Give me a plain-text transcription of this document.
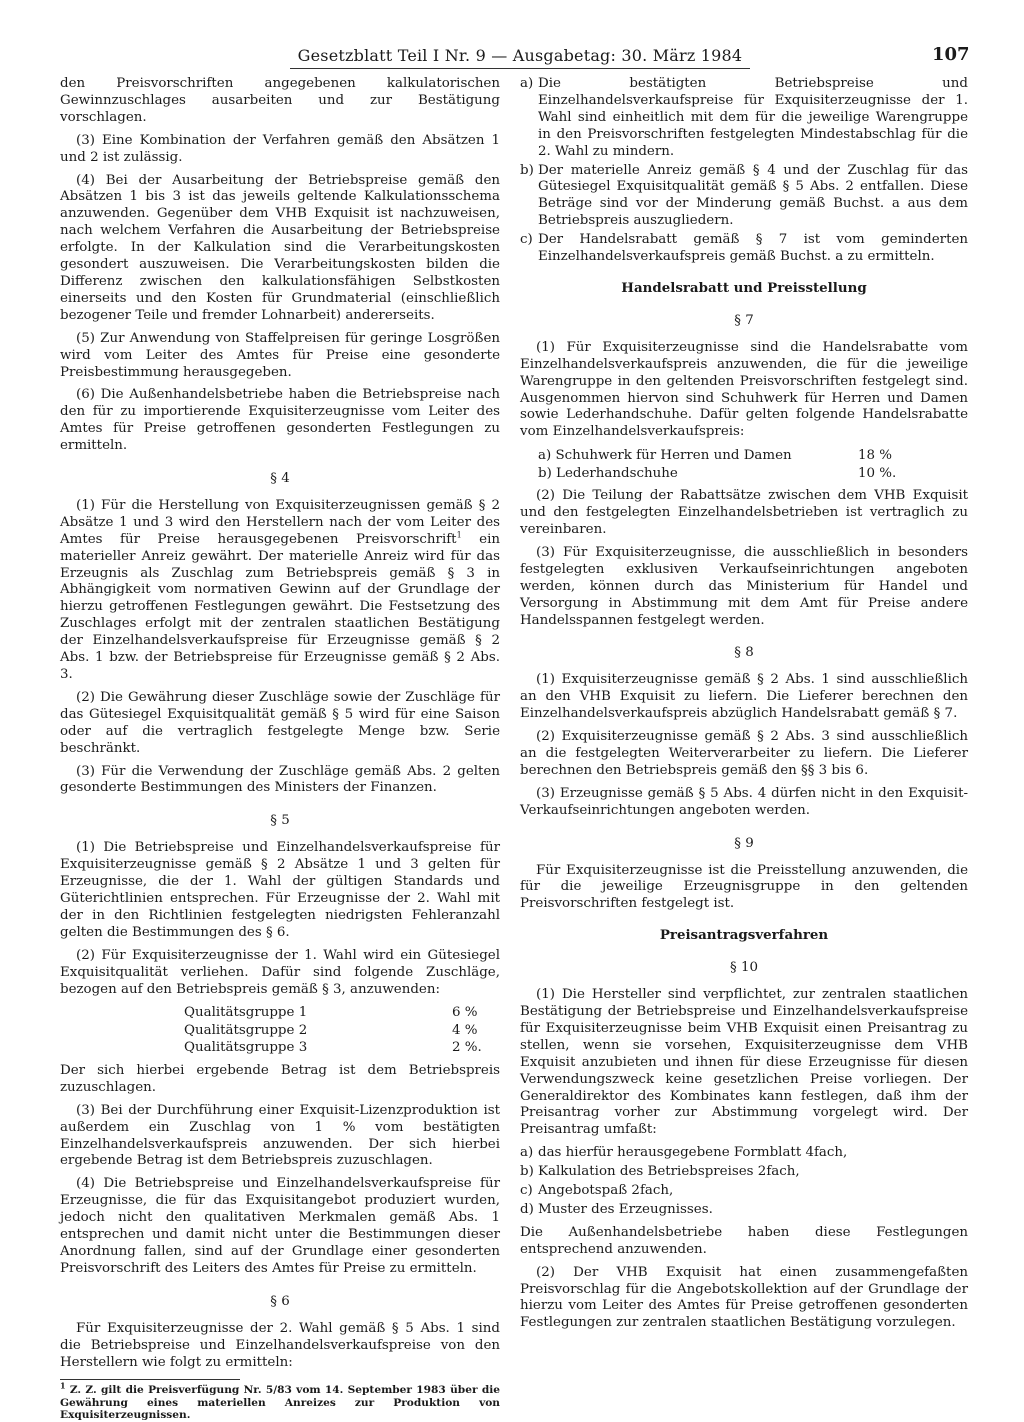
Gesetzblatt Teil I Nr. 9 — Ausgabetag: 30. März 1984	107

den Preisvorschriften angegebenen kalkulatorischen Gewinnzuschlages ausarbeiten und zur Bestätigung vorschlagen.

(3) Eine Kombination der Verfahren gemäß den Absätzen 1 und 2 ist zulässig.

(4) Bei der Ausarbeitung der Betriebspreise gemäß den Absätzen 1 bis 3 ist das jeweils geltende Kalkulationsschema anzuwenden. Gegenüber dem VHB Exquisit ist nachzuweisen, nach welchem Verfahren die Ausarbeitung der Betriebspreise erfolgte. In der Kalkulation sind die Verarbeitungskosten gesondert auszuweisen. Die Verarbeitungskosten bilden die Differenz zwischen den kalkulationsfähigen Selbstkosten einerseits und den Kosten für Grundmaterial (einschließlich bezogener Teile und fremder Lohnarbeit) andererseits.

(5) Zur Anwendung von Staffelpreisen für geringe Losgrößen wird vom Leiter des Amtes für Preise eine gesonderte Preisbestimmung herausgegeben.

(6) Die Außenhandelsbetriebe haben die Betriebspreise nach den für zu importierende Exquisiterzeugnisse vom Leiter des Amtes für Preise getroffenen gesonderten Festlegungen zu ermitteln.

§ 4

(1) Für die Herstellung von Exquisiterzeugnissen gemäß § 2 Absätze 1 und 3 wird den Herstellern nach der vom Leiter des Amtes für Preise herausgegebenen Preisvorschrift$^1$ ein materieller Anreiz gewährt. Der materielle Anreiz wird für das Erzeugnis als Zuschlag zum Betriebspreis gemäß § 3 in Abhängigkeit vom normativen Gewinn auf der Grundlage der hierzu getroffenen Festlegungen gewährt. Die Festsetzung des Zuschlages erfolgt mit der zentralen staatlichen Bestätigung der Einzelhandelsverkaufspreise für Erzeugnisse gemäß § 2 Abs. 1 bzw. der Betriebspreise für Erzeugnisse gemäß § 2 Abs. 3.

(2) Die Gewährung dieser Zuschläge sowie der Zuschläge für das Gütesiegel Exquisitqualität gemäß § 5 wird für eine Saison oder auf die vertraglich festgelegte Menge bzw. Serie beschränkt.

(3) Für die Verwendung der Zuschläge gemäß Abs. 2 gelten gesonderte Bestimmungen des Ministers der Finanzen.

§ 5

(1) Die Betriebspreise und Einzelhandelsverkaufspreise für Exquisiterzeugnisse gemäß § 2 Absätze 1 und 3 gelten für Erzeugnisse, die der 1. Wahl der gültigen Standards und Güterichtlinien entsprechen. Für Erzeugnisse der 2. Wahl mit der in den Richtlinien festgelegten niedrigsten Fehleranzahl gelten die Bestimmungen des § 6.

(2) Für Exquisiterzeugnisse der 1. Wahl wird ein Gütesiegel Exquisitqualität verliehen. Dafür sind folgende Zuschläge, bezogen auf den Betriebspreis gemäß § 3, anzuwenden:

Qualitätsgruppe 1	6 %
Qualitätsgruppe 2	4 %
Qualitätsgruppe 3	2 %.

Der sich hierbei ergebende Betrag ist dem Betriebspreis zuzuschlagen.

(3) Bei der Durchführung einer Exquisit-Lizenzproduktion ist außerdem ein Zuschlag von 1 % vom bestätigten Einzelhandelsverkaufspreis anzuwenden. Der sich hierbei ergebende Betrag ist dem Betriebspreis zuzuschlagen.

(4) Die Betriebspreise und Einzelhandelsverkaufspreise für Erzeugnisse, die für das Exquisitangebot produziert wurden, jedoch nicht den qualitativen Merkmalen gemäß Abs. 1 entsprechen und damit nicht unter die Bestimmungen dieser Anordnung fallen, sind auf der Grundlage einer gesonderten Preisvorschrift des Leiters des Amtes für Preise zu ermitteln.

§ 6

Für Exquisiterzeugnisse der 2. Wahl gemäß § 5 Abs. 1 sind die Betriebspreise und Einzelhandelsverkaufspreise von den Herstellern wie folgt zu ermitteln:

$^1$ Z. Z. gilt die Preisverfügung Nr. 5/83 vom 14. September 1983 über die Gewährung eines materiellen Anreizes zur Produktion von Exquisiterzeugnissen.
a) Die bestätigten Betriebspreise und Einzelhandelsverkaufspreise für Exquisiterzeugnisse der 1. Wahl sind einheitlich mit dem für die jeweilige Warengruppe in den Preisvorschriften festgelegten Mindestabschlag für die 2. Wahl zu mindern.
b) Der materielle Anreiz gemäß § 4 und der Zuschlag für das Gütesiegel Exquisitqualität gemäß § 5 Abs. 2 entfallen. Diese Beträge sind vor der Minderung gemäß Buchst. a aus dem Betriebspreis auszugliedern.
c) Der Handelsrabatt gemäß § 7 ist vom geminderten Einzelhandelsverkaufspreis gemäß Buchst. a zu ermitteln.
Handelsrabatt und Preisstellung
§ 7

(1) Für Exquisiterzeugnisse sind die Handelsrabatte vom Einzelhandelsverkaufspreis anzuwenden, die für die jeweilige Warengruppe in den geltenden Preisvorschriften festgelegt sind. Ausgenommen hiervon sind Schuhwerk für Herren und Damen sowie Lederhandschuhe. Dafür gelten folgende Handelsrabatte vom Einzelhandelsverkaufspreis:

a) Schuhwerk für Herren und Damen	18 %
b) Lederhandschuhe	10 %.

(2) Die Teilung der Rabattsätze zwischen dem VHB Exquisit und den festgelegten Einzelhandelsbetrieben ist vertraglich zu vereinbaren.

(3) Für Exquisiterzeugnisse, die ausschließlich in besonders festgelegten exklusiven Verkaufseinrichtungen angeboten werden, können durch das Ministerium für Handel und Versorgung in Abstimmung mit dem Amt für Preise andere Handelsspannen festgelegt werden.

§ 8

(1) Exquisiterzeugnisse gemäß § 2 Abs. 1 sind ausschließlich an den VHB Exquisit zu liefern. Die Lieferer berechnen den Einzelhandelsverkaufspreis abzüglich Handelsrabatt gemäß § 7.

(2) Exquisiterzeugnisse gemäß § 2 Abs. 3 sind ausschließlich an die festgelegten Weiterverarbeiter zu liefern. Die Lieferer berechnen den Betriebspreis gemäß den §§ 3 bis 6.

(3) Erzeugnisse gemäß § 5 Abs. 4 dürfen nicht in den Exquisit-Verkaufseinrichtungen angeboten werden.

§ 9

Für Exquisiterzeugnisse ist die Preisstellung anzuwenden, die für die jeweilige Erzeugnisgruppe in den geltenden Preisvorschriften festgelegt ist.

Preisantragsverfahren
§ 10

(1) Die Hersteller sind verpflichtet, zur zentralen staatlichen Bestätigung der Betriebspreise und Einzelhandelsverkaufspreise für Exquisiterzeugnisse beim VHB Exquisit einen Preisantrag zu stellen, wenn sie vorsehen, Exquisiterzeugnisse dem VHB Exquisit anzubieten und ihnen für diese Erzeugnisse für diesen Verwendungszweck keine gesetzlichen Preise vorliegen. Der Generaldirektor des Kombinates kann festlegen, daß ihm der Preisantrag vorher zur Abstimmung vorgelegt wird. Der Preisantrag umfaßt:

a) das hierfür herausgegebene Formblatt 4fach,
b) Kalkulation des Betriebspreises 2fach,
c) Angebotspaß 2fach,
d) Muster des Erzeugnisses.

Die Außenhandelsbetriebe haben diese Festlegungen entsprechend anzuwenden.

(2) Der VHB Exquisit hat einen zusammengefaßten Preisvorschlag für die Angebotskollektion auf der Grundlage der hierzu vom Leiter des Amtes für Preise getroffenen gesonderten Festlegungen zur zentralen staatlichen Bestätigung vorzulegen.
